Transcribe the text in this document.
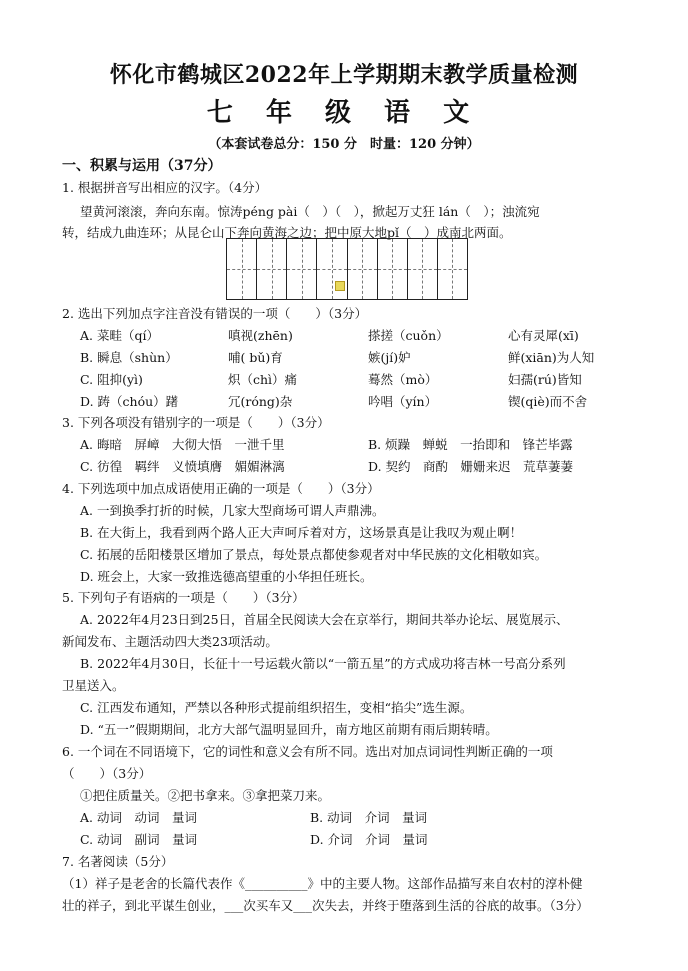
怀化市鹤城区2022年上学期期末教学质量检测
七 年 级 语 文
（本套试卷总分：150 分　时量：120 分钟）
一、积累与运用（37分）
1. 根据拼音写出相应的汉字。（4分）
望黄河滚滚，奔向东南。惊涛péng pài（　）（　），掀起万丈狂 lán（　）；浊流宛
转，结成九曲连环；从昆仑山下奔向黄海之边；把中原大地pǐ（　）成南北两面。
2. 选出下列加点字注音没有错误的一项（　　）（3分）
A. 菜畦（qí）	嗔视(zhēn)	搽搓（cuǒn）	心有灵犀(xī)
B. 瞬息（shùn）	哺( bǔ)育	嫉(jí)妒	鲜(xiān)为人知
C. 阻抑(yì)	炽（chì）痛	蓦然（mò）	妇孺(rú)皆知
D. 踌（chóu）躇	冗(róng)杂	吟唱（yín）	锲(qiè)而不舍
3. 下列各项没有错别字的一项是（　　）（3分）
A. 晦暗　屏嶂　大彻大悟　一泄千里	B. 烦躁　蝉蜕　一抬即和　锋芒毕露
C. 彷徨　羁绊　义愤填膺　媚媚淋漓	D. 契约　商酌　姗姗来迟　荒草萋萋
4. 下列选项中加点成语使用正确的一项是（　　）（3分）
A. 一到换季打折的时候，几家大型商场可谓人声鼎沸。
B. 在大街上，我看到两个路人正大声呵斥着对方，这场景真是让我叹为观止啊！
C. 拓展的岳阳楼景区增加了景点，每处景点都使参观者对中华民族的文化相敬如宾。
D. 班会上，大家一致推选德高望重的小华担任班长。
5. 下列句子有语病的一项是（　　）（3分）
A. 2022年4月23日到25日，首届全民阅读大会在京举行，期间共举办论坛、展览展示、
新闻发布、主题活动四大类23项活动。
B. 2022年4月30日，长征十一号运载火箭以“一箭五星”的方式成功将吉林一号高分系列
卫星送入。
C. 江西发布通知，严禁以各种形式提前组织招生，变相“掐尖”选生源。
D. “五一”假期期间，北方大部气温明显回升，南方地区前期有雨后期转晴。
6. 一个词在不同语境下，它的词性和意义会有所不同。选出对加点词词性判断正确的一项
（　　）（3分）
①把住质量关。②把书拿来。③拿把菜刀来。
A. 动词　动词　量词	B. 动词　介词　量词
C. 动词　副词　量词	D. 介词　介词　量词
7. 名著阅读（5分）
（1）祥子是老舍的长篇代表作《__________》中的主要人物。这部作品描写来自农村的淳朴健
壮的祥子，到北平谋生创业，___次买车又___次失去，并终于堕落到生活的谷底的故事。（3分）
